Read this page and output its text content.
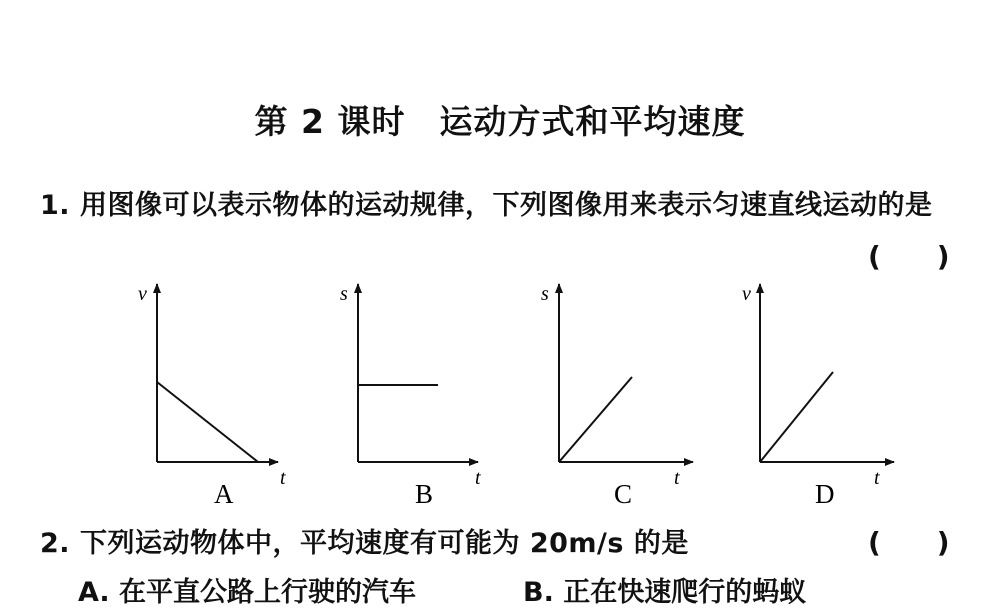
第 2 课时　运动方式和平均速度
1. 用图像可以表示物体的运动规律，下列图像用来表示匀速直线运动的是
(　　)
v
t
A
s
t
B
s
t
C
v
t
D
2. 下列运动物体中，平均速度有可能为 20m/s 的是	(　　)
A. 在平直公路上行驶的汽车	B. 正在快速爬行的蚂蚁
